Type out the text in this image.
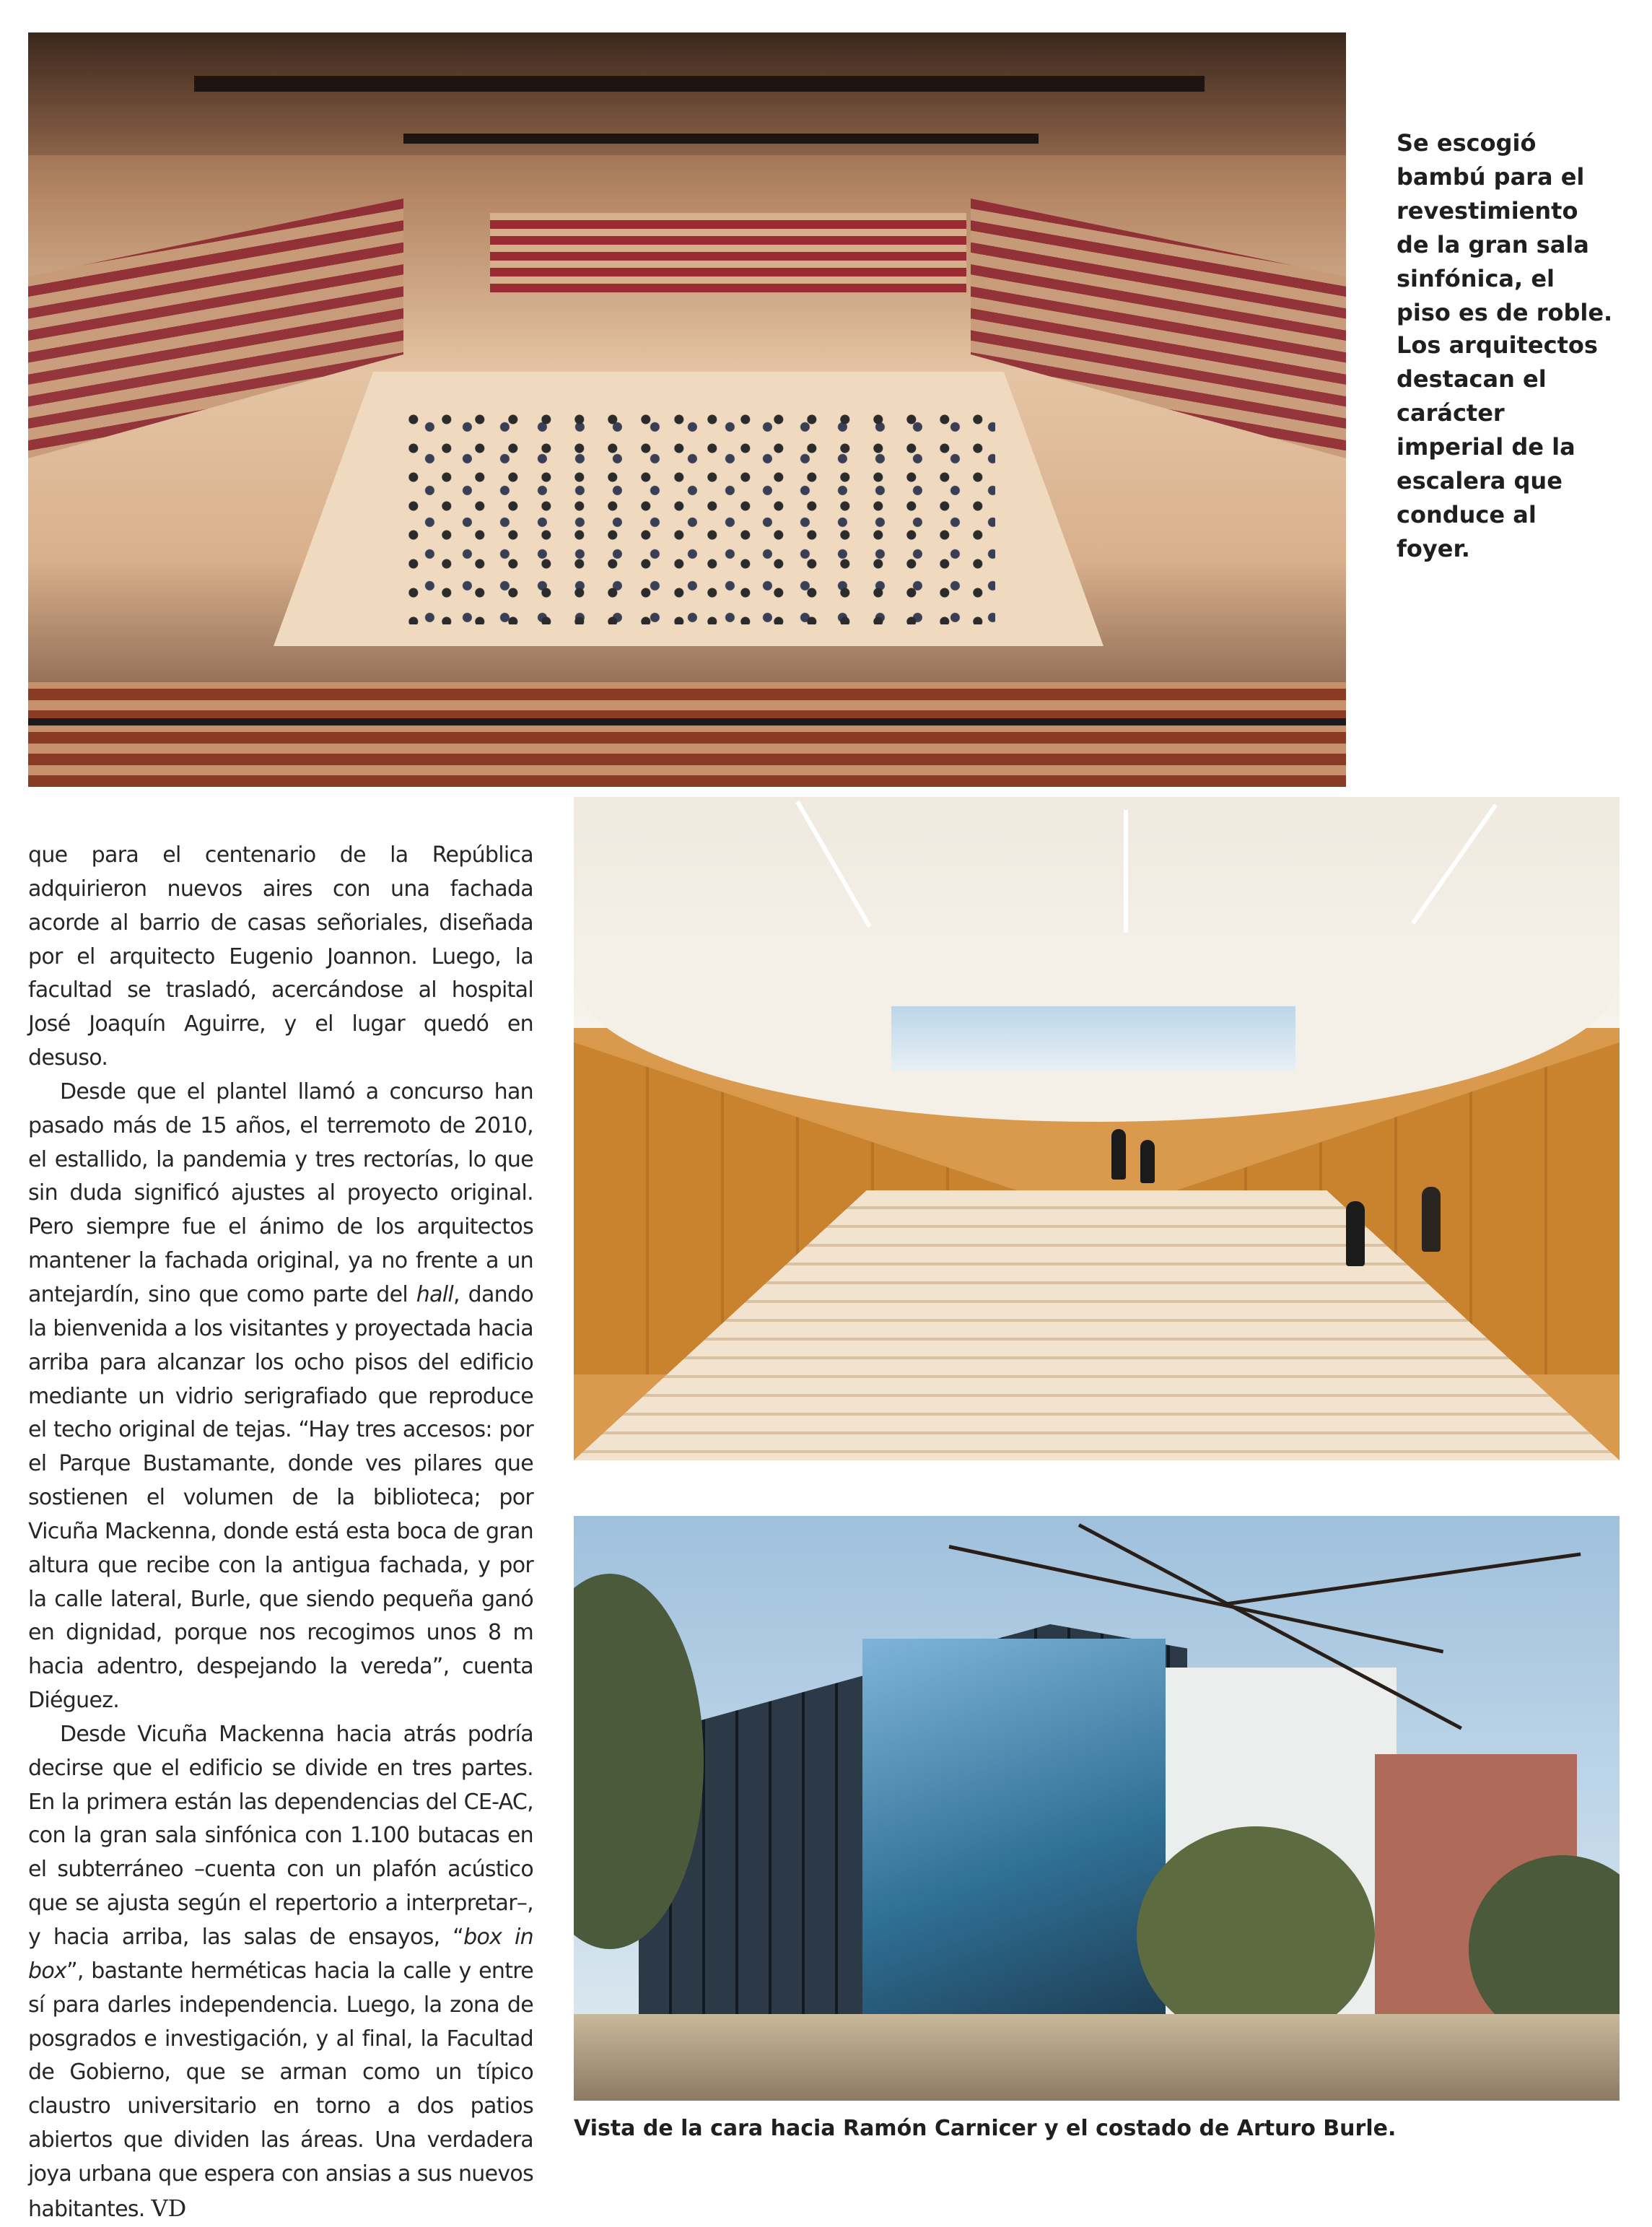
Se escogió bambú para el revestimiento de la gran sala sinfónica, el piso es de roble.
Los arquitectos destacan el carácter imperial de la escalera que conduce al foyer.

que para el centenario de la República adquirieron nuevos aires con una fachada acorde al barrio de casas señoriales, diseñada por el arquitecto Eugenio Joannon. Luego, la facultad se trasladó, acercándose al hospital José Joaquín Aguirre, y el lugar quedó en desuso.

Desde que el plantel llamó a concurso han pasado más de 15 años, el terremoto de 2010, el estallido, la pandemia y tres rectorías, lo que sin duda significó ajustes al proyecto original. Pero siempre fue el ánimo de los arquitectos mantener la fachada original, ya no frente a un antejardín, sino que como parte del hall, dando la bienvenida a los visitantes y proyectada hacia arriba para alcanzar los ocho pisos del edificio mediante un vidrio serigrafiado que reproduce el techo original de tejas. “Hay tres accesos: por el Parque Bustamante, donde ves pilares que sostienen el volumen de la biblioteca; por Vicuña Mackenna, donde está esta boca de gran altura que recibe con la antigua fachada, y por la calle lateral, Burle, que siendo pequeña ganó en dignidad, porque nos recogimos unos 8 m hacia adentro, despejando la vereda”, cuenta Diéguez.

Desde Vicuña Mackenna hacia atrás podría decirse que el edificio se divide en tres partes. En la primera están las dependencias del CE-AC, con la gran sala sinfónica con 1.100 butacas en el subterráneo –cuenta con un plafón acústico que se ajusta según el repertorio a interpretar–, y hacia arriba, las salas de ensayos, “box in box”, bastante herméticas hacia la calle y entre sí para darles independencia. Luego, la zona de posgrados e investigación, y al final, la Facultad de Gobierno, que se arman como un típico claustro universitario en torno a dos patios abiertos que dividen las áreas. Una verdadera joya urbana que espera con ansias a sus nuevos habitantes. VD

Vista de la cara hacia Ramón Carnicer y el costado de Arturo Burle.
